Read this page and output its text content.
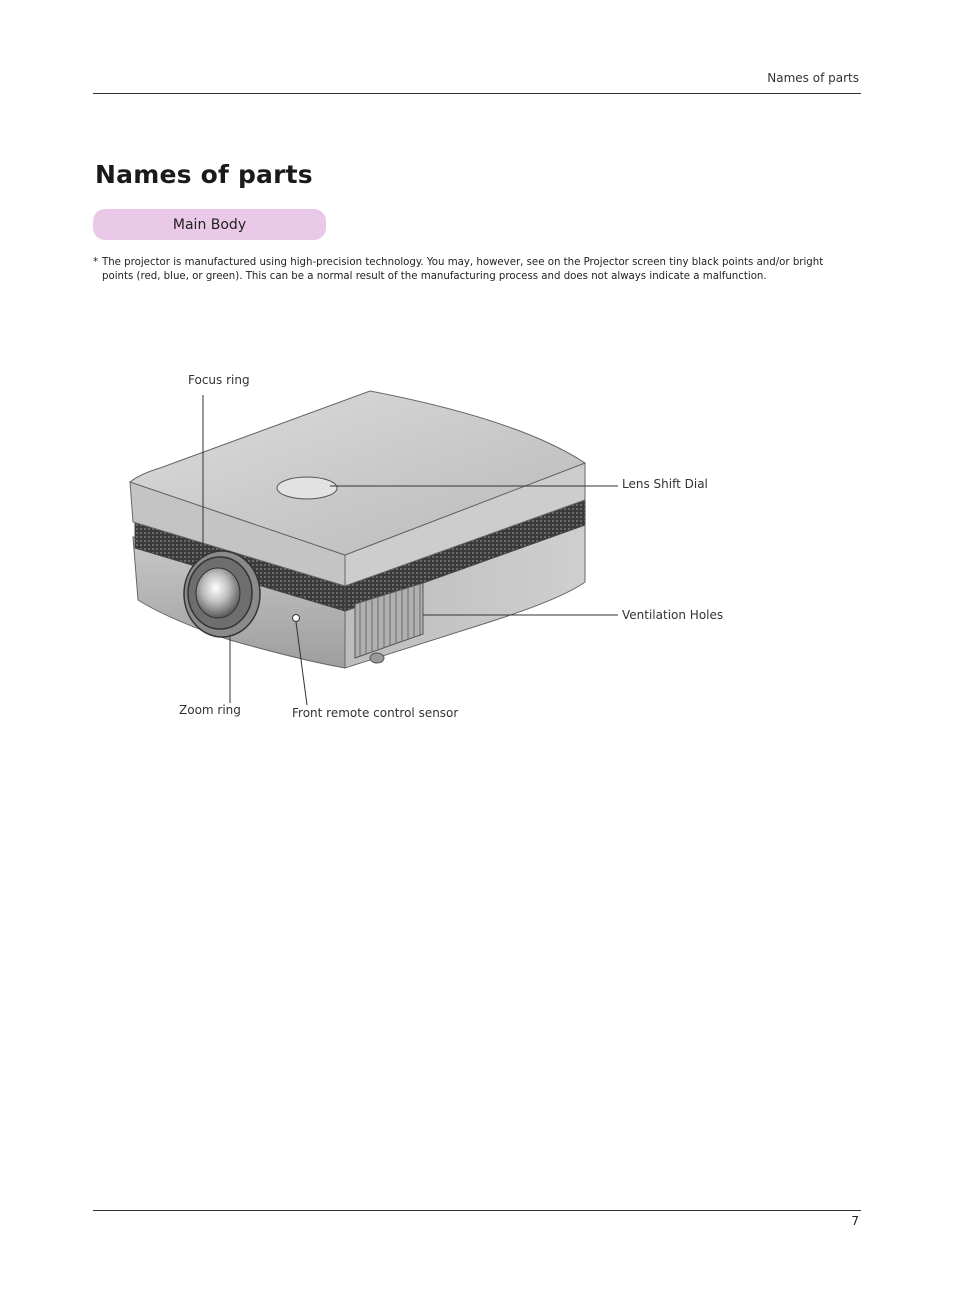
Names of parts
Names of parts
Main Body
* The projector is manufactured using high-precision technology. You may, however, see on the Projector screen tiny black points and/or bright points (red, blue, or green). This can be a normal result of the manufacturing process and does not always indicate a malfunction.
Focus ring
Lens Shift Dial
Ventilation Holes
Zoom ring	Front remote control sensor
7
